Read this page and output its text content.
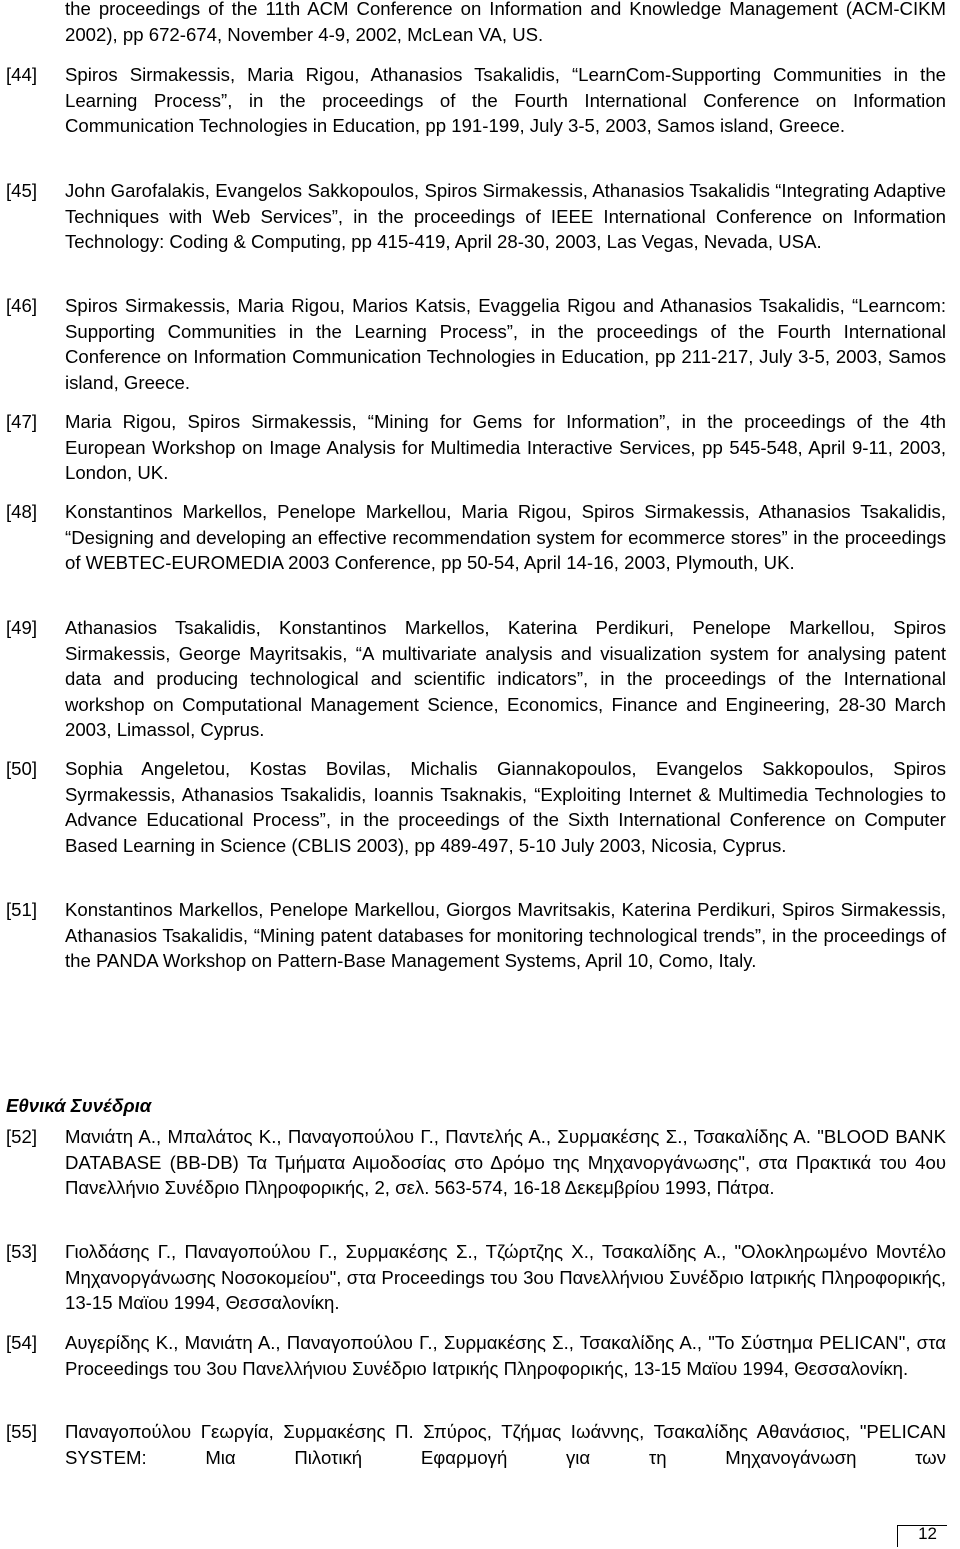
the proceedings of the 11th ACM Conference on Information and Knowledge Management (ACM-CIKM 2002), pp 672-674, November 4-9, 2002, McLean VA, US.
[44]	Spiros Sirmakessis, Maria Rigou, Athanasios Tsakalidis, “LearnCom-Supporting Communities in the Learning Process”, in the proceedings of the Fourth International Conference on Information Communication Technologies in Education, pp 191-199, July 3-5, 2003, Samos island, Greece.
[45]	John Garofalakis, Evangelos Sakkopoulos, Spiros Sirmakessis, Athanasios Tsakalidis “Integrating Adaptive Techniques with Web Services”, in the proceedings of IEEE International Conference on Information Technology: Coding & Computing, pp 415-419, April 28-30, 2003, Las Vegas, Nevada, USA.
[46]	Spiros Sirmakessis, Maria Rigou, Marios Katsis, Evaggelia Rigou and Athanasios Tsakalidis, “Learncom: Supporting Communities in the Learning Process”, in the proceedings of the Fourth International Conference on Information Communication Technologies in Education, pp 211-217, July 3-5, 2003, Samos island, Greece.
[47]	Maria Rigou, Spiros Sirmakessis, “Mining for Gems for Information”, in the proceedings of the 4th European Workshop on Image Analysis for Multimedia Interactive Services, pp 545-548, April 9-11, 2003, London, UK.
[48]	Konstantinos Markellos, Penelope Markellou, Maria Rigou, Spiros Sirmakessis, Athanasios Tsakalidis, “Designing and developing an effective recommendation system for ecommerce stores” in the proceedings of WEBTEC-EUROMEDIA 2003 Conference, pp 50-54, April 14-16, 2003, Plymouth, UK.
[49]	Athanasios Tsakalidis, Konstantinos Markellos, Katerina Perdikuri, Penelope Markellou, Spiros Sirmakessis, George Mayritsakis, “A multivariate analysis and visualization system for analysing patent data and producing technological and scientific indicators”, in the proceedings of the International workshop on Computational Management Science, Economics, Finance and Engineering, 28-30 March 2003, Limassol, Cyprus.
[50]	Sophia Angeletou, Kostas Bovilas, Michalis Giannakopoulos, Evangelos Sakkopoulos, Spiros Syrmakessis, Athanasios Tsakalidis, Ioannis Tsaknakis, “Exploiting Internet & Multimedia Technologies to Advance Educational Process”, in the proceedings of the Sixth International Conference on Computer Based Learning in Science (CBLIS 2003), pp 489-497, 5-10 July 2003, Nicosia, Cyprus.
[51]	Konstantinos Markellos, Penelope Markellou, Giorgos Mavritsakis, Katerina Perdikuri, Spiros Sirmakessis, Athanasios Tsakalidis, “Mining patent databases for monitoring technological trends”, in the proceedings of the PANDA Workshop on Pattern-Base Management Systems, April 10, Como, Italy.
Εθνικά Συνέδρια
[52]	Μανιάτη Α., Μπαλάτος Κ., Παναγοπούλου Γ., Παντελής Α., Συρμακέσης Σ., Τσακαλίδης Α. "BLOOD BANK DATABASE (BB-DB) Τα Τμήματα Αιμοδοσίας στο Δρόμο της Μηχανοργάνωσης", στα Πρακτικά του 4ου Πανελλήνιο Συνέδριο Πληροφορικής, 2, σελ. 563-574, 16-18 Δεκεμβρίου 1993, Πάτρα.
[53]	Γιολδάσης Γ., Παναγοπούλου Γ., Συρμακέσης Σ., Τζώρτζης Χ., Τσακαλίδης Α., "Ολοκληρωμένο Μοντέλο Μηχανοργάνωσης Νοσοκομείου", στα Proceedings του 3ου Πανελλήνιου Συνέδριο Ιατρικής Πληροφορικής, 13-15 Μαϊου 1994, Θεσσαλονίκη.
[54]	Αυγερίδης Κ., Μανιάτη Α., Παναγοπούλου Γ., Συρμακέσης Σ., Τσακαλίδης Α., "Το Σύστημα PELICAN", στα Proceedings του 3ου Πανελλήνιου Συνέδριο Ιατρικής Πληροφορικής, 13-15 Μαϊου 1994, Θεσσαλονίκη.
[55]	Παναγοπούλου Γεωργία, Συρμακέσης Π. Σπύρος, Τζήμας Ιωάννης, Τσακαλίδης Αθανάσιος, "PELICAN SYSTEM: Μια Πιλοτική Εφαρμογή για τη Μηχανογάνωση των
12
